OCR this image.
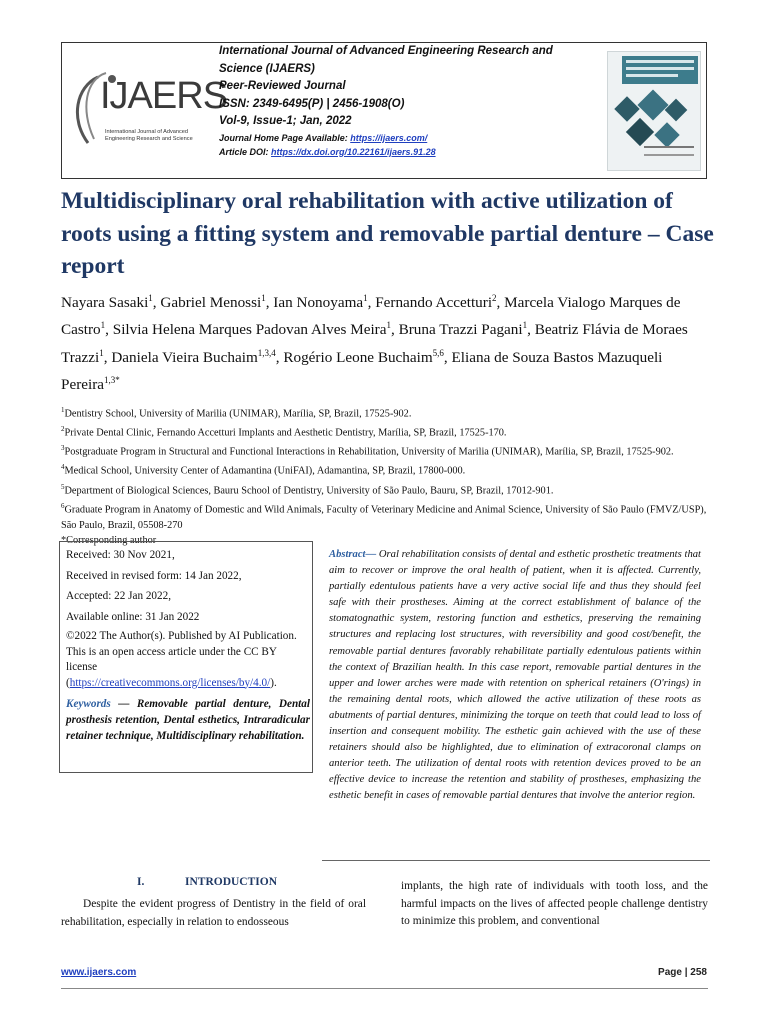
IJAERS
International Journal of Advanced Engineering Research and Science
International Journal of Advanced Engineering Research and Science (IJAERS)
Peer-Reviewed Journal
ISSN: 2349-6495(P) | 2456-1908(O)
Vol-9, Issue-1; Jan, 2022
Journal Home Page Available: https://ijaers.com/
Article DOI: https://dx.doi.org/10.22161/ijaers.91.28
Multidisciplinary oral rehabilitation with active utilization of roots using a fitting system and removable partial denture – Case report
Nayara Sasaki$^1$, Gabriel Menossi$^1$, Ian Nonoyama$^1$, Fernando Accetturi$^2$, Marcela Vialogo Marques de Castro$^1$, Silvia Helena Marques Padovan Alves Meira$^1$, Bruna Trazzi Pagani$^1$, Beatriz Flávia de Moraes Trazzi$^1$, Daniela Vieira Buchaim$^{1,3,4}$, Rogério Leone Buchaim$^{5,6}$, Eliana de Souza Bastos Mazuqueli Pereira$^{1,3*}$
$^1$Dentistry School, University of Marilia (UNIMAR), Marília, SP, Brazil, 17525-902.
$^2$Private Dental Clinic, Fernando Accetturi Implants and Aesthetic Dentistry, Marília, SP, Brazil, 17525-170.
$^3$Postgraduate Program in Structural and Functional Interactions in Rehabilitation, University of Marilia (UNIMAR), Marília, SP, Brazil, 17525-902.
$^4$Medical School, University Center of Adamantina (UniFAI), Adamantina, SP, Brazil, 17800-000.
$^5$Department of Biological Sciences, Bauru School of Dentistry, University of São Paulo, Bauru, SP, Brazil, 17012-901.
$^6$Graduate Program in Anatomy of Domestic and Wild Animals, Faculty of Veterinary Medicine and Animal Science, University of São Paulo (FMVZ/USP), São Paulo, Brazil, 05508-270
*Corresponding author

Received: 30 Nov 2021,

Received in revised form: 14 Jan 2022,

Accepted: 22 Jan 2022,

Available online: 31 Jan 2022

©2022 The Author(s). Published by AI Publication. This is an open access article under the CC BY license (https://creativecommons.org/licenses/by/4.0/).

Keywords — Removable partial denture, Dental prosthesis retention, Dental esthetics, Intraradicular retainer technique, Multidisciplinary rehabilitation.

Abstract— Oral rehabilitation consists of dental and esthetic prosthetic treatments that aim to recover or improve the oral health of patient, when it is affected. Currently, partially edentulous patients have a very active social life and thus they should feel safe with their prostheses. Aiming at the correct establishment of balance of the stomatognathic system, restoring function and esthetics, preserving the remaining structures and replacing lost structures, with reversibility and good cost/benefit, the removable partial dentures favorably rehabilitate partially edentulous patients within the context of Brazilian health. In this case report, removable partial dentures in the upper and lower arches were made with retention on spherical retainers (O'rings) in the remaining dental roots, which allowed the active utilization of these roots as abutments of partial dentures, minimizing the torque on teeth that could lead to loss of insertion and consequent mobility. The esthetic gain achieved with the use of these retainers should also be highlighted, due to elimination of extracoronal clamps on anterior teeth. The utilization of dental roots with retention devices proved to be an effective device to increase the retention and stability of prostheses, emphasizing the esthetic benefit in cases of removable partial dentures that involve the anterior region.
I.	INTRODUCTION
Despite the evident progress of Dentistry in the field of oral rehabilitation, especially in relation to endosseous
implants, the high rate of individuals with tooth loss, and the harmful impacts on the lives of affected people challenge dentistry to minimize this problem, and conventional
www.ijaers.com	Page | 258
